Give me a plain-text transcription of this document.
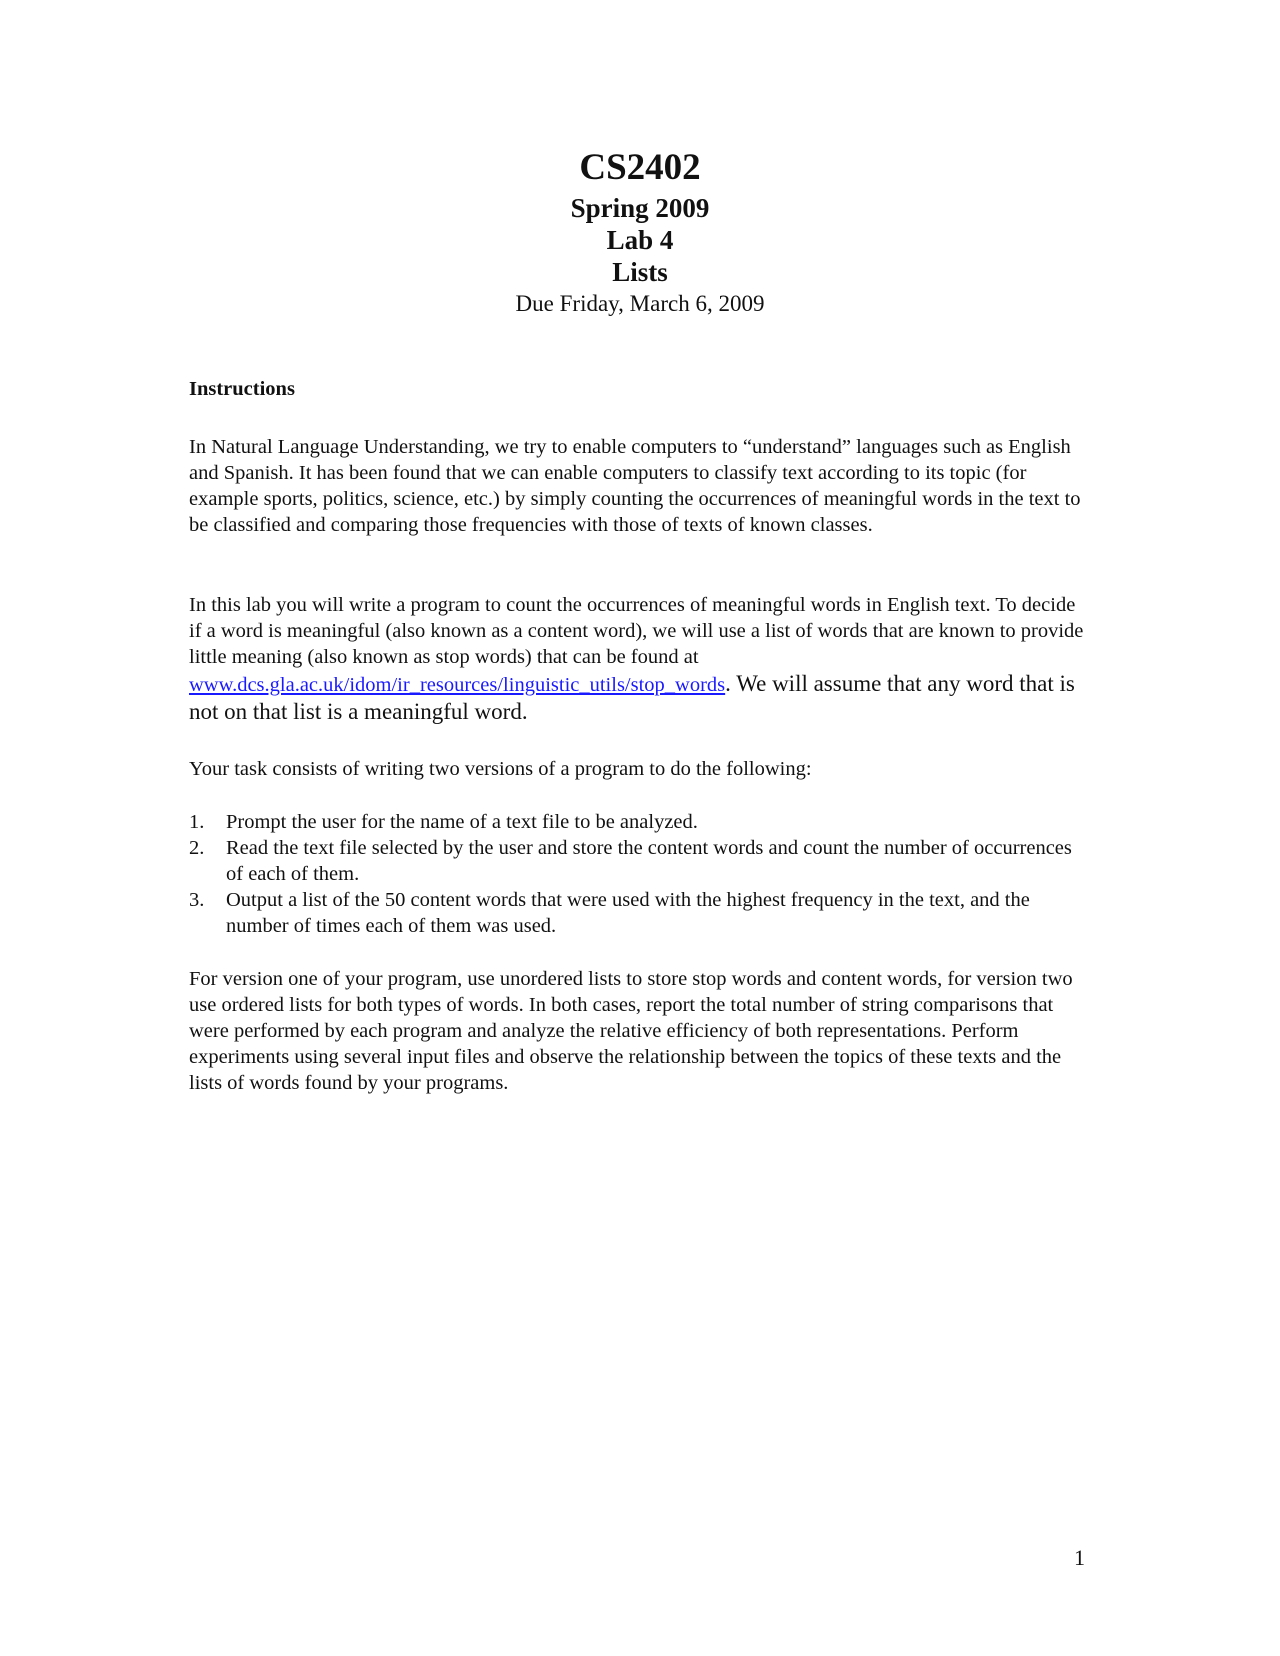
CS2402
Spring 2009
Lab 4
Lists
Due Friday, March 6, 2009
Instructions

In Natural Language Understanding, we try to enable computers to “understand” languages such as English and Spanish. It has been found that we can enable computers to classify text according to its topic (for example sports, politics, science, etc.) by simply counting the occurrences of meaningful words in the text to be classified and comparing those frequencies with those of texts of known classes.

In this lab you will write a program to count the occurrences of meaningful words in English text. To decide if a word is meaningful (also known as a content word), we will use a list of words that are known to provide little meaning (also known as stop words) that can be found at www.dcs.gla.ac.uk/idom/ir_resources/linguistic_utils/stop_words. We will assume that any word that is not on that list is a meaningful word.

Your task consists of writing two versions of a program to do the following:

1. Prompt the user for the name of a text file to be analyzed.
2. Read the text file selected by the user and store the content words and count the number of occurrences of each of them.
3. Output a list of the 50 content words that were used with the highest frequency in the text, and the number of times each of them was used.

For version one of your program, use unordered lists to store stop words and content words, for version two use ordered lists for both types of words. In both cases, report the total number of string comparisons that were performed by each program and analyze the relative efficiency of both representations. Perform experiments using several input files and observe the relationship between the topics of these texts and the lists of words found by your programs.

1
